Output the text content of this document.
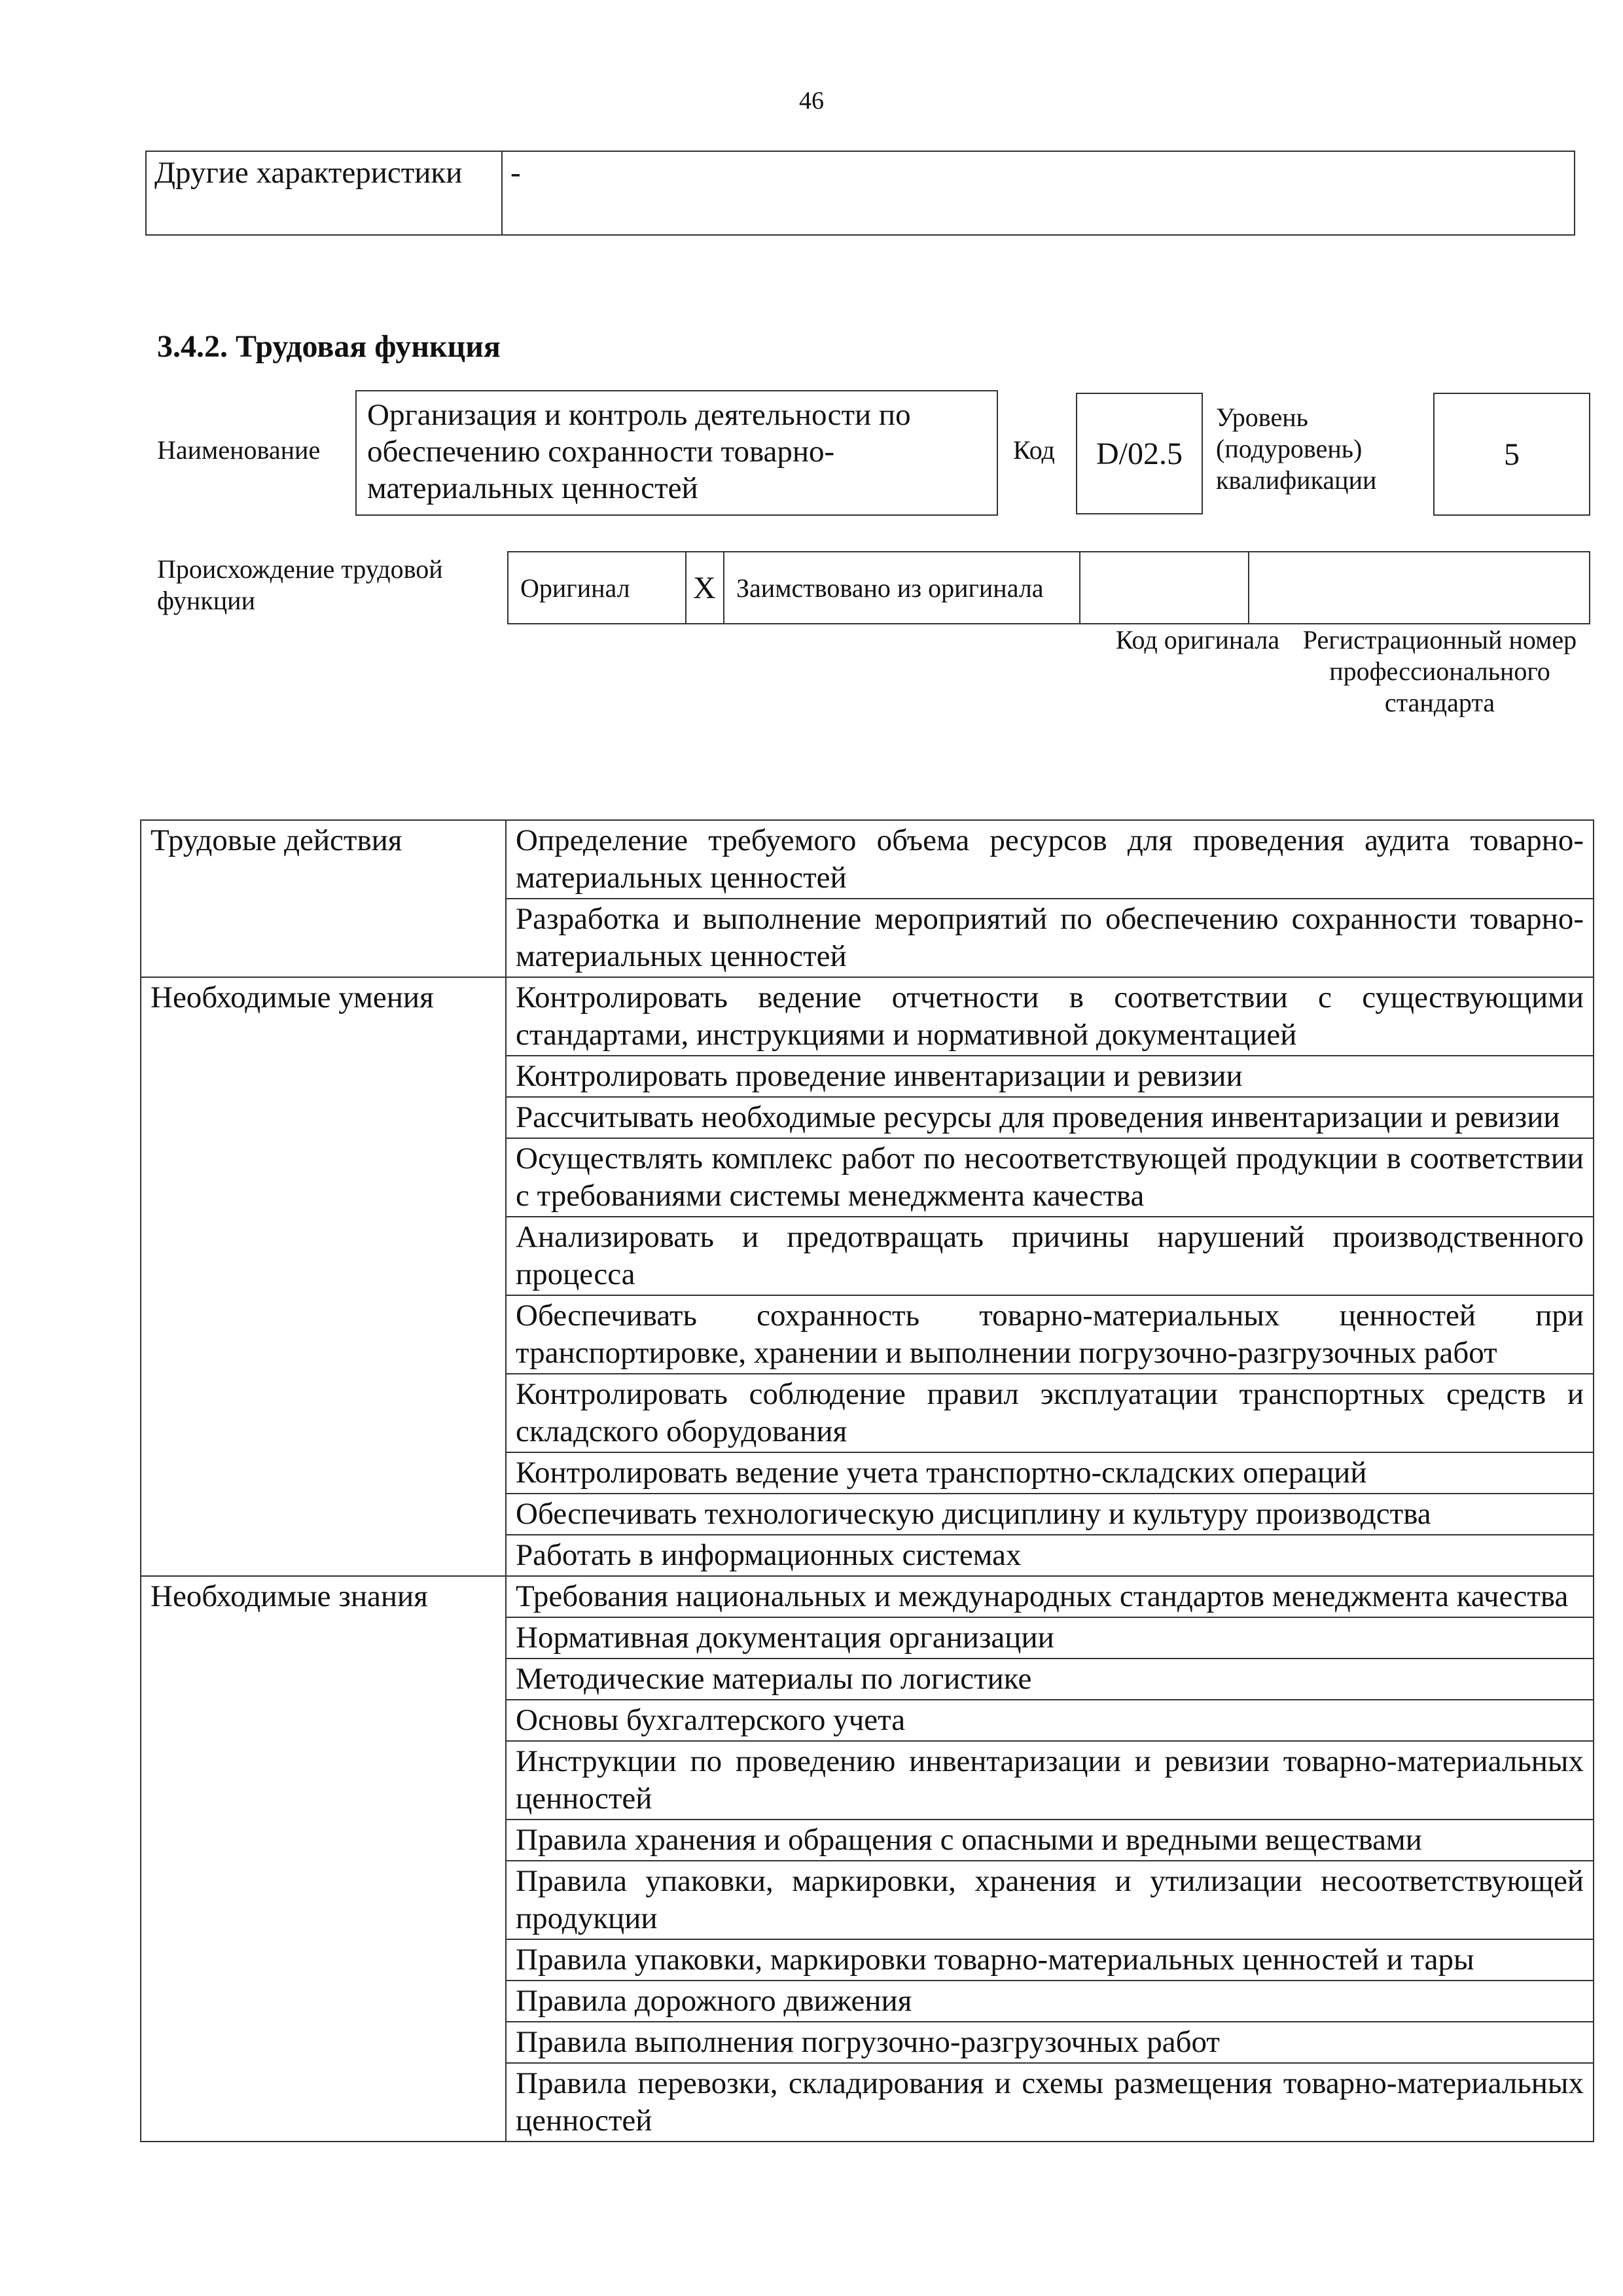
46
Другие характеристики	-
3.4.2. Трудовая функция
Наименование
Организация и контроль деятельности по обеспечению сохранности товарно-материальных ценностей
Код	D/02.5
Уровень (подуровень) квалификации
5
Происхождение трудовой функции	Оригинал	X	Заимствовано из оригинала		
Код оригинала Регистрационный номер профессионального стандарта
Трудовые действия	Определение требуемого объема ресурсов для проведения аудита товарно-материальных ценностей
	Разработка и выполнение мероприятий по обеспечению сохранности товарно-материальных ценностей
Необходимые умения	Контролировать ведение отчетности в соответствии с существующими стандартами, инструкциями и нормативной документацией
	Контролировать проведение инвентаризации и ревизии
	Рассчитывать необходимые ресурсы для проведения инвентаризации и ревизии
	Осуществлять комплекс работ по несоответствующей продукции в соответствии с требованиями системы менеджмента качества
	Анализировать и предотвращать причины нарушений производственного процесса
	Обеспечивать сохранность товарно-материальных ценностей при транспортировке, хранении и выполнении погрузочно-разгрузочных работ
	Контролировать соблюдение правил эксплуатации транспортных средств и складского оборудования
	Контролировать ведение учета транспортно-складских операций
	Обеспечивать технологическую дисциплину и культуру производства
	Работать в информационных системах
Необходимые знания	Требования национальных и международных стандартов менеджмента качества
	Нормативная документация организации
	Методические материалы по логистике
	Основы бухгалтерского учета
	Инструкции по проведению инвентаризации и ревизии товарно-материальных ценностей
	Правила хранения и обращения с опасными и вредными веществами
	Правила упаковки, маркировки, хранения и утилизации несоответствующей продукции
	Правила упаковки, маркировки товарно-материальных ценностей и тары
	Правила дорожного движения
	Правила выполнения погрузочно-разгрузочных работ
	Правила перевозки, складирования и схемы размещения товарно-материальных ценностей
